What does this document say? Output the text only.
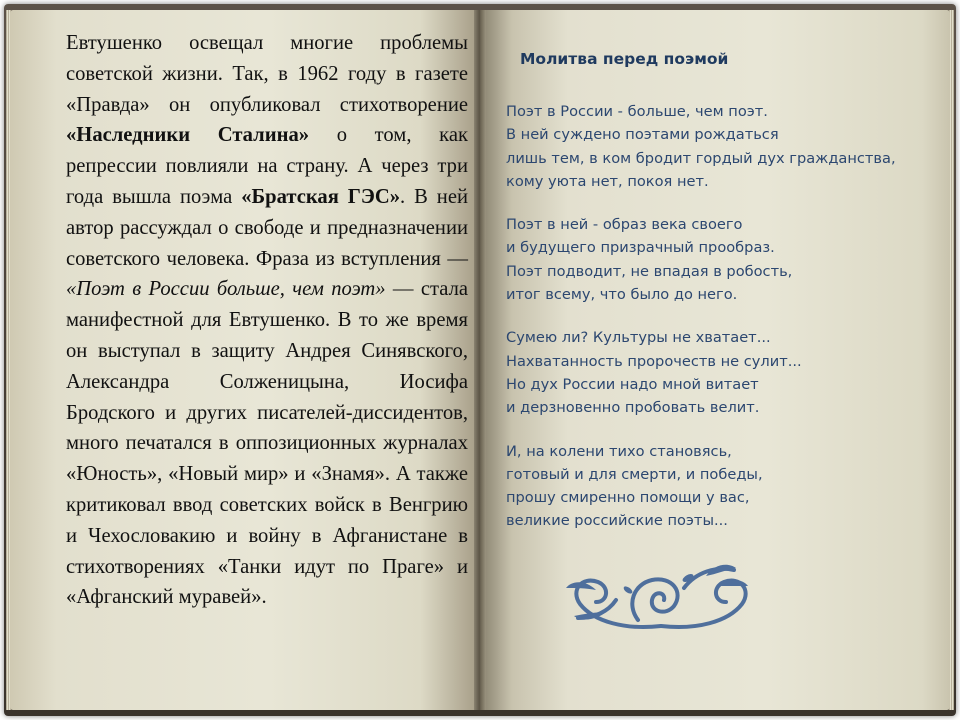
Евтушенко освещал многие проблемы советской жизни. Так, в 1962 году в газете «Правда» он опубликовал стихотворение «Наследники Сталина» о том, как репрессии повлияли на страну. А через три года вышла поэма «Братская ГЭС». В ней автор рассуждал о свободе и предназначении советского человека. Фраза из вступления — «Поэт в России больше, чем поэт» — стала манифестной для Евтушенко. В то же время он выступал в защиту Андрея Синявского, Александра Солженицына, Иосифа Бродского и других писателей-диссидентов, много печатался в оппозиционных журналах «Юность», «Новый мир» и «Знамя». А также критиковал ввод советских войск в Венгрию и Чехословакию и войну в Афганистане в стихотворениях «Танки идут по Праге» и «Афганский муравей».

Молитва перед поэмой
Поэт в России - больше, чем поэт.
В ней суждено поэтами рождаться
лишь тем, в ком бродит гордый дух гражданства,
кому уюта нет, покоя нет.
Поэт в ней - образ века своего
и будущего призрачный прообраз.
Поэт подводит, не впадая в робость,
итог всему, что было до него.
Сумею ли? Культуры не хватает...
Нахватанность пророчеств не сулит...
Но дух России надо мной витает
и дерзновенно пробовать велит.
И, на колени тихо становясь,
готовый и для смерти, и победы,
прошу смиренно помощи у вас,
великие российские поэты...
